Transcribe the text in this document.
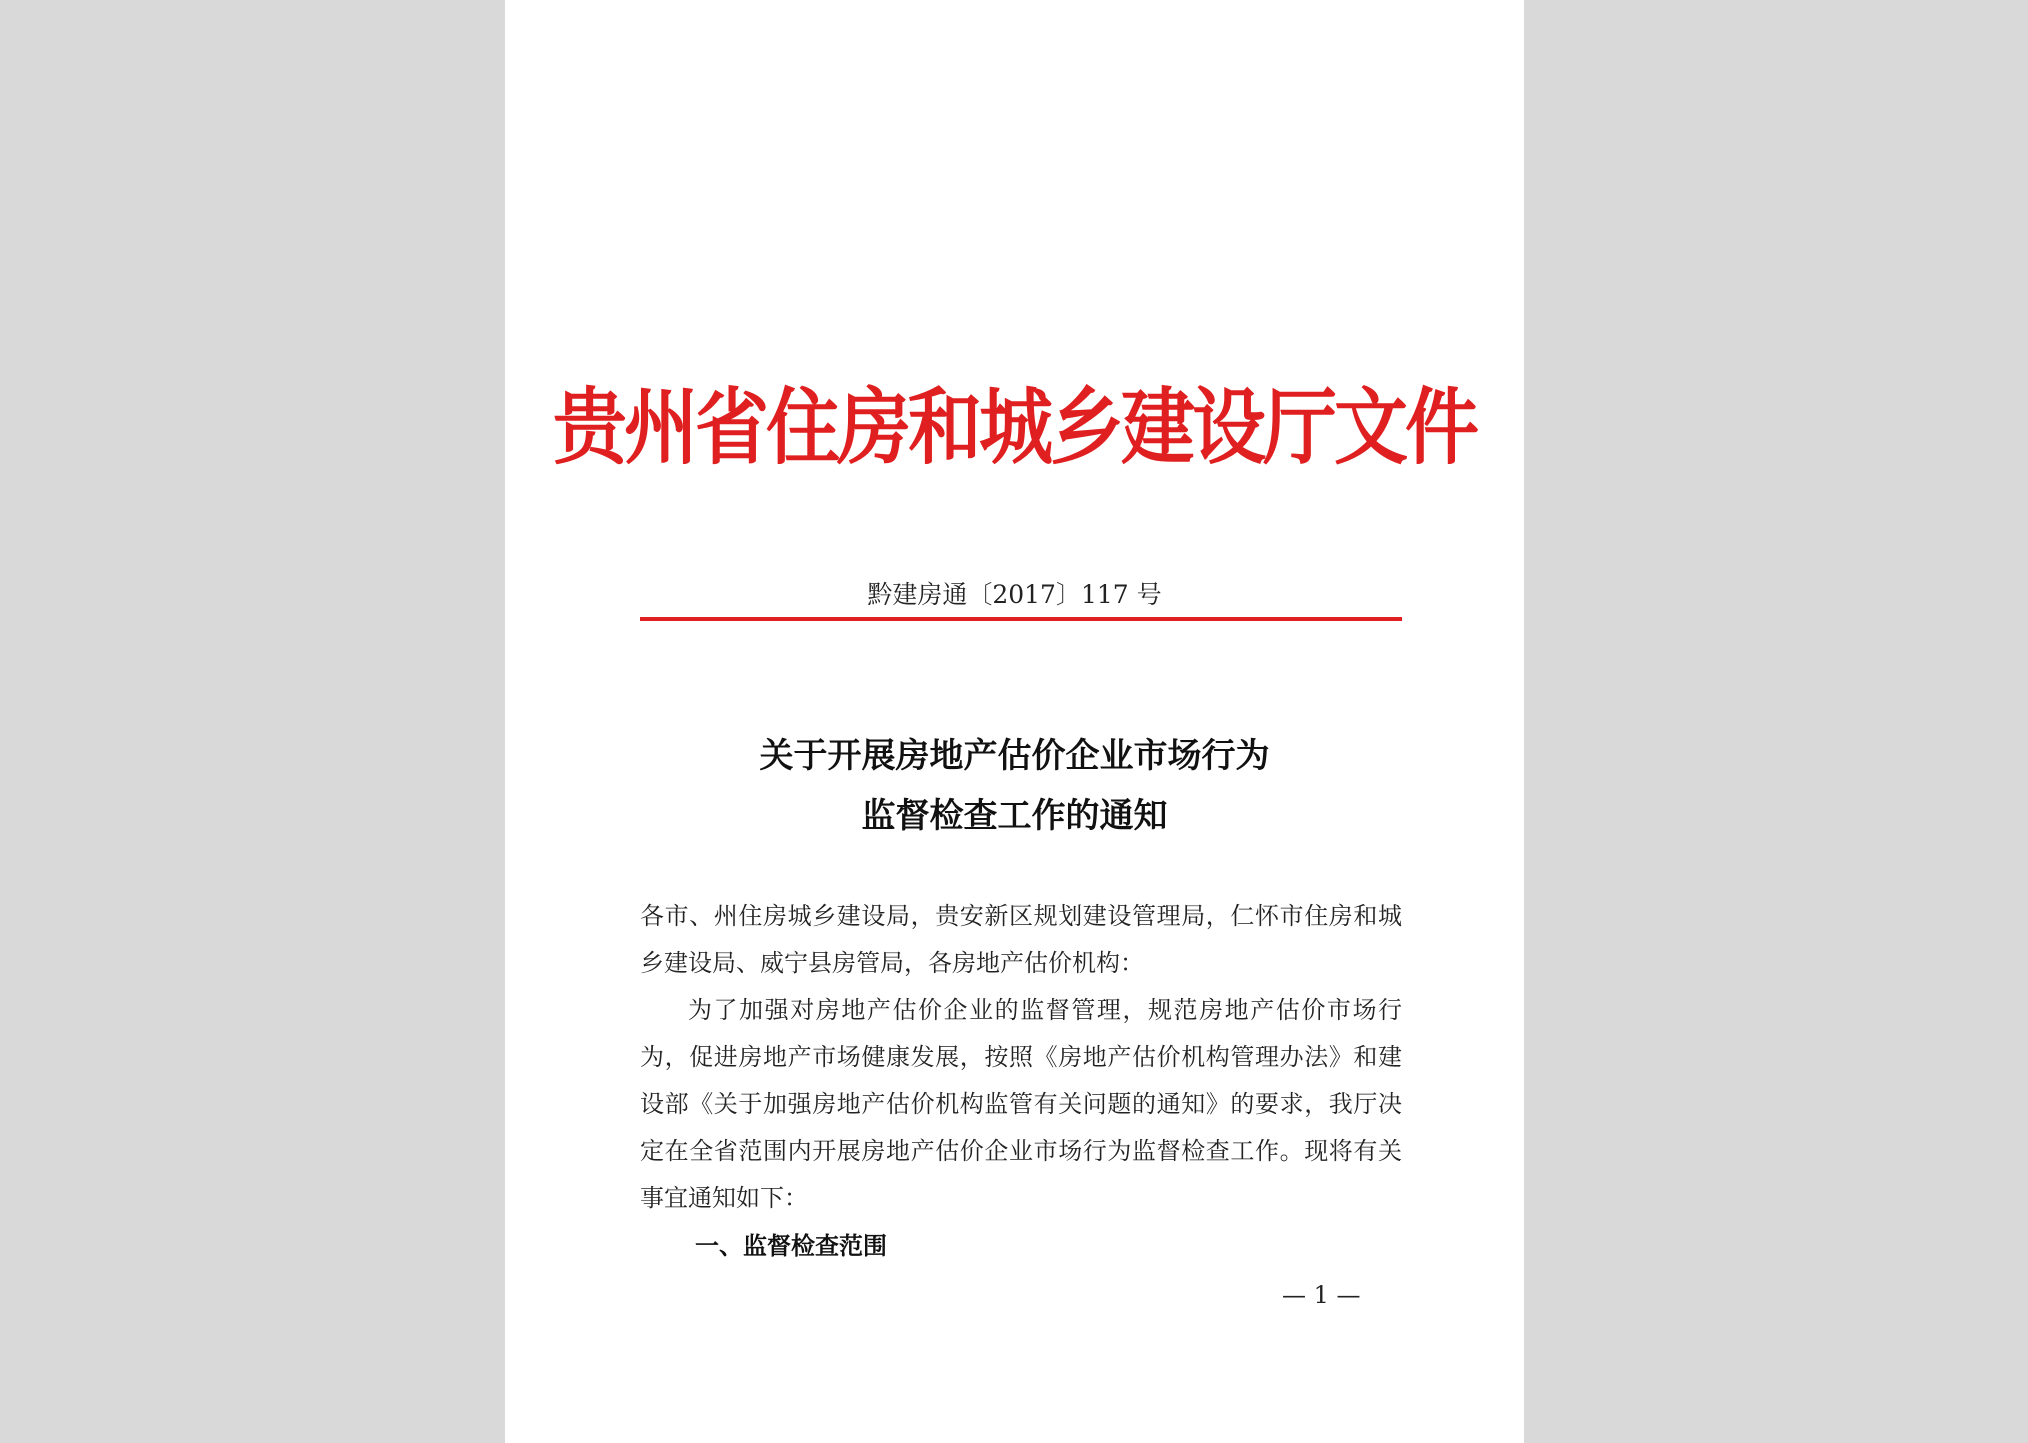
贵州省住房和城乡建设厅文件
黔建房通〔2017〕117 号
关于开展房地产估价企业市场行为
监督检查工作的通知

各市、州住房城乡建设局，贵安新区规划建设管理局，仁怀市住房和城乡建设局、威宁县房管局，各房地产估价机构：

为了加强对房地产估价企业的监督管理，规范房地产估价市场行为，促进房地产市场健康发展，按照《房地产估价机构管理办法》和建设部《关于加强房地产估价机构监管有关问题的通知》的要求，我厅决定在全省范围内开展房地产估价企业市场行为监督检查工作。现将有关事宜通知如下：

一、监督检查范围
— 1 —
